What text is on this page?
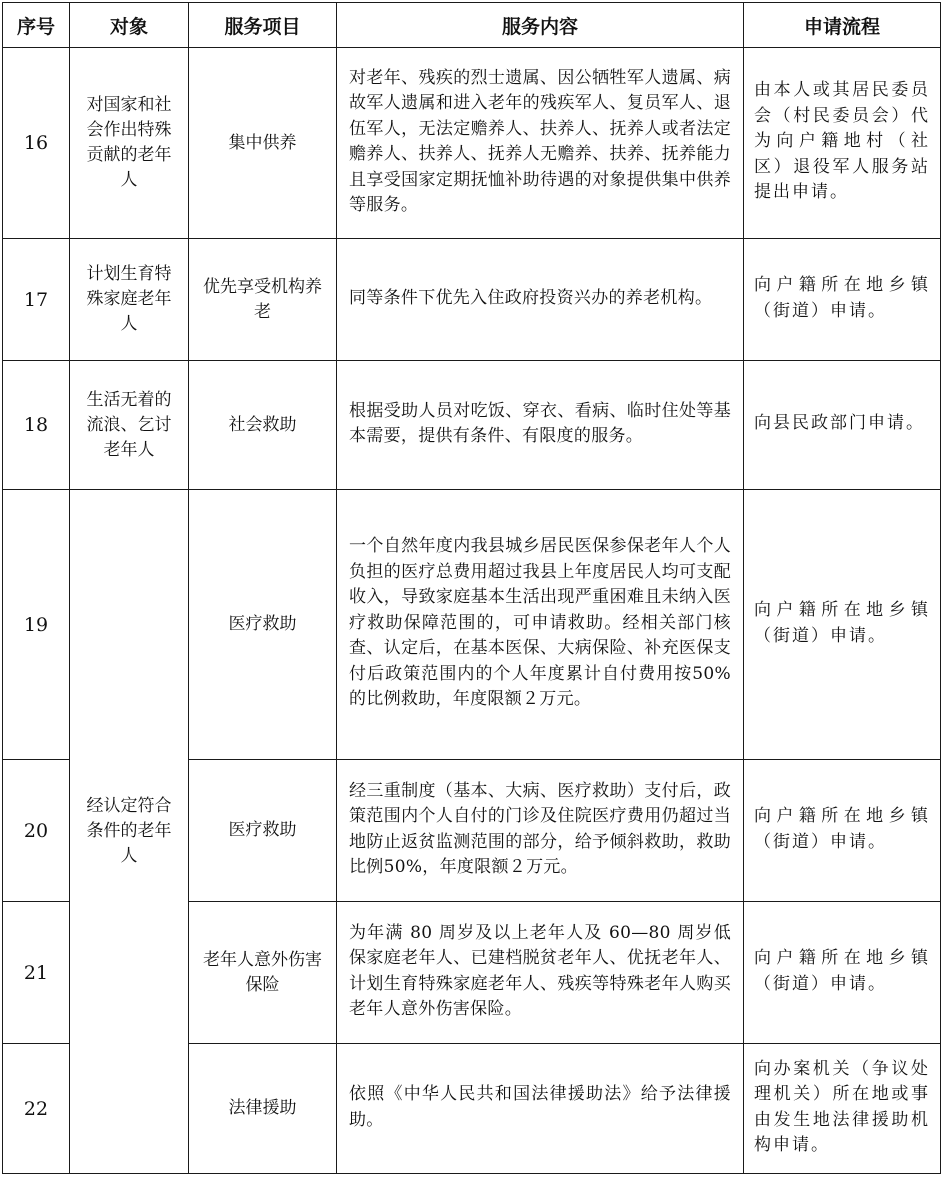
序号	对象	服务项目	服务内容	申请流程
16	对国家和社会作出特殊贡献的老年人	集中供养	对老年、残疾的烈士遗属、因公牺牲军人遗属、病故军人遗属和进入老年的残疾军人、复员军人、退伍军人，无法定赡养人、扶养人、抚养人或者法定赡养人、扶养人、抚养人无赡养、扶养、抚养能力且享受国家定期抚恤补助待遇的对象提供集中供养等服务。	由本人或其居民委员会（村民委员会）代为向户籍地村（社区）退役军人服务站提出申请。
17	计划生育特殊家庭老年人	优先享受机构养老	同等条件下优先入住政府投资兴办的养老机构。	向户籍所在地乡镇（街道）申请。
18	生活无着的流浪、乞讨老年人	社会救助	根据受助人员对吃饭、穿衣、看病、临时住处等基本需要，提供有条件、有限度的服务。	向县民政部门申请。
19	经认定符合条件的老年人	医疗救助	一个自然年度内我县城乡居民医保参保老年人个人负担的医疗总费用超过我县上年度居民人均可支配收入，导致家庭基本生活出现严重困难且未纳入医疗救助保障范围的，可申请救助。经相关部门核查、认定后，在基本医保、大病保险、补充医保支付后政策范围内的个人年度累计自付费用按50%的比例救助，年度限额２万元。	向户籍所在地乡镇（街道）申请。
20		医疗救助	经三重制度（基本、大病、医疗救助）支付后，政策范围内个人自付的门诊及住院医疗费用仍超过当地防止返贫监测范围的部分，给予倾斜救助，救助比例50%，年度限额２万元。	向户籍所在地乡镇（街道）申请。
21		老年人意外伤害保险	为年满 80 周岁及以上老年人及 60—80 周岁低保家庭老年人、已建档脱贫老年人、优抚老年人、计划生育特殊家庭老年人、残疾等特殊老年人购买老年人意外伤害保险。	向户籍所在地乡镇（街道）申请。
22		法律援助	依照《中华人民共和国法律援助法》给予法律援助。	向办案机关（争议处理机关）所在地或事由发生地法律援助机构申请。
